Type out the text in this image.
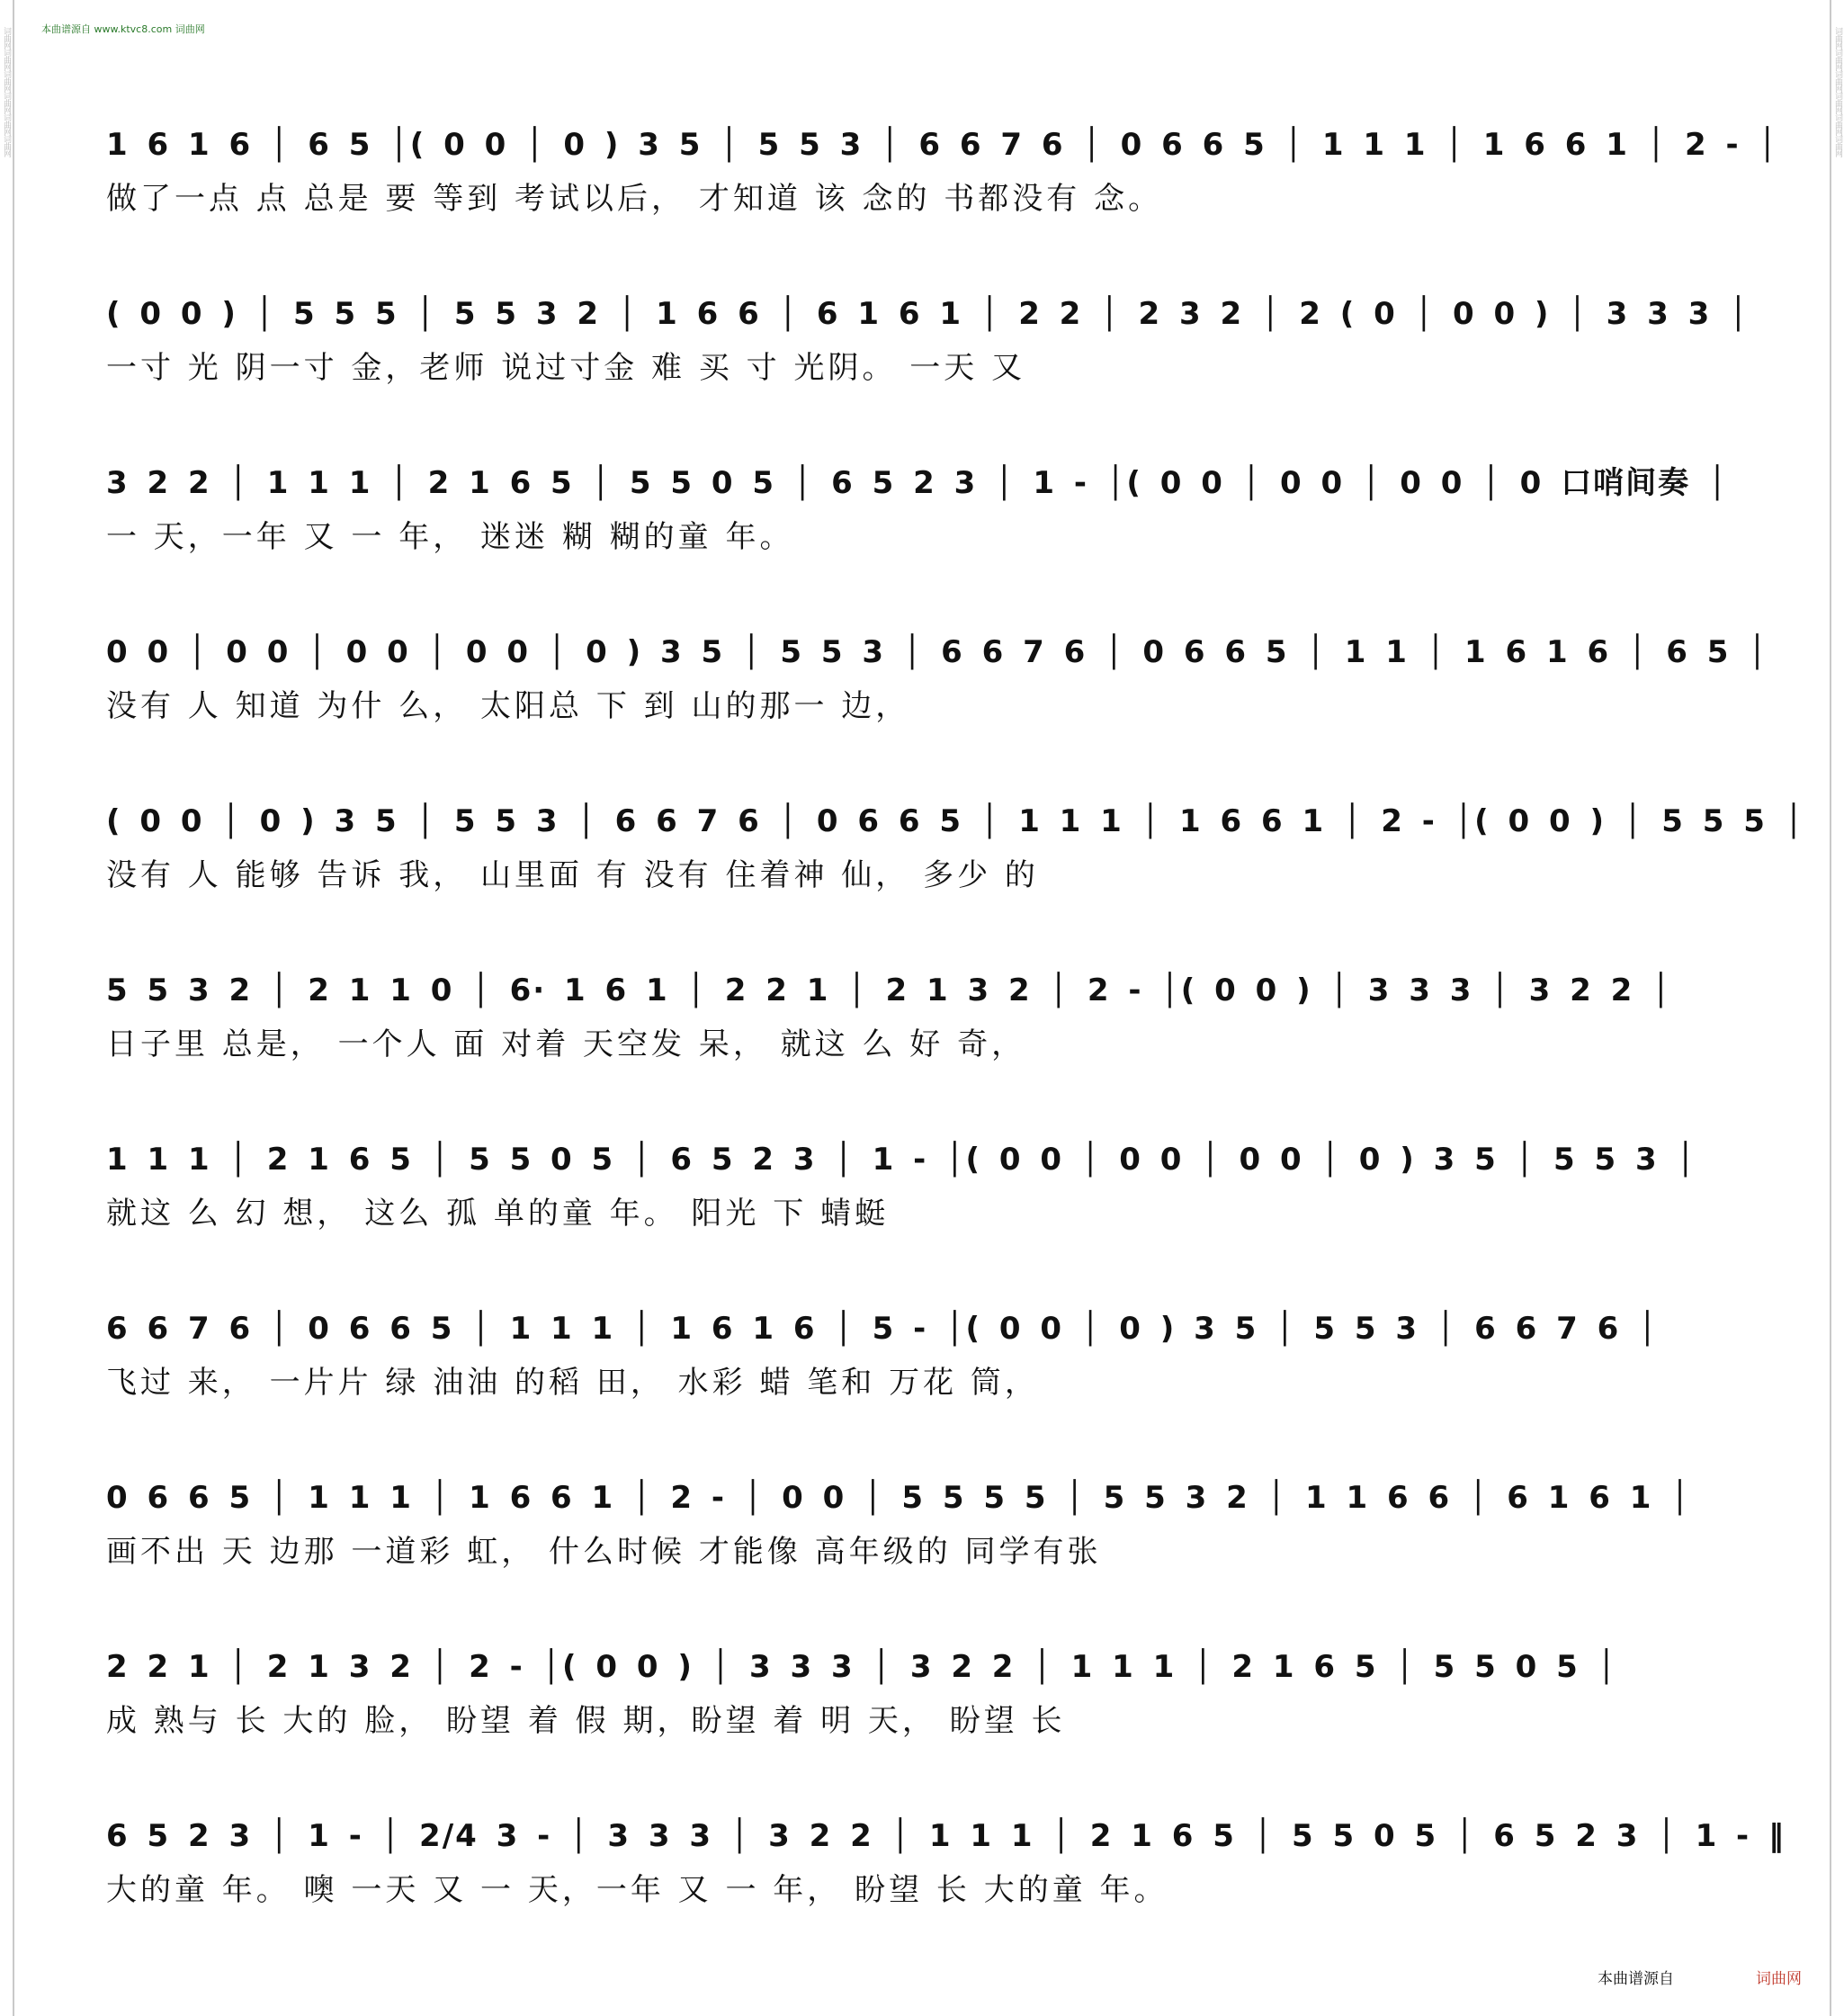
词曲网词曲网词曲网词曲网词曲网词曲网	词曲网词曲网词曲网词曲网词曲网词曲网
本曲谱源自 www.ktvc8.com 词曲网
1 6 1 6 │ 6 5 │( 0 0 │ 0 ) 3 5 │ 5 5 3 │ 6 6 7 6 │ 0 6 6 5 │ 1 1 1 │ 1 6 6 1 │ 2 - │
做了一点 点 总是 要 等到 考试以后， 才知道 该 念的 书都没有 念。
( 0 0 ) │ 5 5 5 │ 5 5 3 2 │ 1 6 6 │ 6 1 6 1 │ 2 2 │ 2 3 2 │ 2 ( 0 │ 0 0 ) │ 3 3 3 │
一寸 光 阴一寸 金，老师 说过寸金 难 买 寸 光阴。 一天 又
3 2 2 │ 1 1 1 │ 2 1 6 5 │ 5 5 0 5 │ 6 5 2 3 │ 1 - │( 0 0 │ 0 0 │ 0 0 │ 0 口哨间奏 │
一 天，一年 又 一 年， 迷迷 糊 糊的童 年。
0 0 │ 0 0 │ 0 0 │ 0 0 │ 0 ) 3 5 │ 5 5 3 │ 6 6 7 6 │ 0 6 6 5 │ 1 1 │ 1 6 1 6 │ 6 5 │
没有 人 知道 为什 么， 太阳总 下 到 山的那一 边，
( 0 0 │ 0 ) 3 5 │ 5 5 3 │ 6 6 7 6 │ 0 6 6 5 │ 1 1 1 │ 1 6 6 1 │ 2 - │( 0 0 ) │ 5 5 5 │
没有 人 能够 告诉 我， 山里面 有 没有 住着神 仙， 多少 的
5 5 3 2 │ 2 1 1 0 │ 6· 1 6 1 │ 2 2 1 │ 2 1 3 2 │ 2 - │( 0 0 ) │ 3 3 3 │ 3 2 2 │
日子里 总是， 一个人 面 对着 天空发 呆， 就这 么 好 奇，
1 1 1 │ 2 1 6 5 │ 5 5 0 5 │ 6 5 2 3 │ 1 - │( 0 0 │ 0 0 │ 0 0 │ 0 ) 3 5 │ 5 5 3 │
就这 么 幻 想， 这么 孤 单的童 年。 阳光 下 蜻蜓
6 6 7 6 │ 0 6 6 5 │ 1 1 1 │ 1 6 1 6 │ 5 - │( 0 0 │ 0 ) 3 5 │ 5 5 3 │ 6 6 7 6 │
飞过 来， 一片片 绿 油油 的稻 田， 水彩 蜡 笔和 万花 筒，
0 6 6 5 │ 1 1 1 │ 1 6 6 1 │ 2 - │ 0 0 │ 5 5 5 5 │ 5 5 3 2 │ 1 1 6 6 │ 6 1 6 1 │
画不出 天 边那 一道彩 虹， 什么时候 才能像 高年级的 同学有张
2 2 1 │ 2 1 3 2 │ 2 - │( 0 0 ) │ 3 3 3 │ 3 2 2 │ 1 1 1 │ 2 1 6 5 │ 5 5 0 5 │
成 熟与 长 大的 脸， 盼望 着 假 期，盼望 着 明 天， 盼望 长
6 5 2 3 │ 1 - │ 2/4 3 - │ 3 3 3 │ 3 2 2 │ 1 1 1 │ 2 1 6 5 │ 5 5 0 5 │ 6 5 2 3 │ 1 - ‖
大的童 年。 噢 一天 又 一 天，一年 又 一 年， 盼望 长 大的童 年。
本曲谱源自	词曲网
